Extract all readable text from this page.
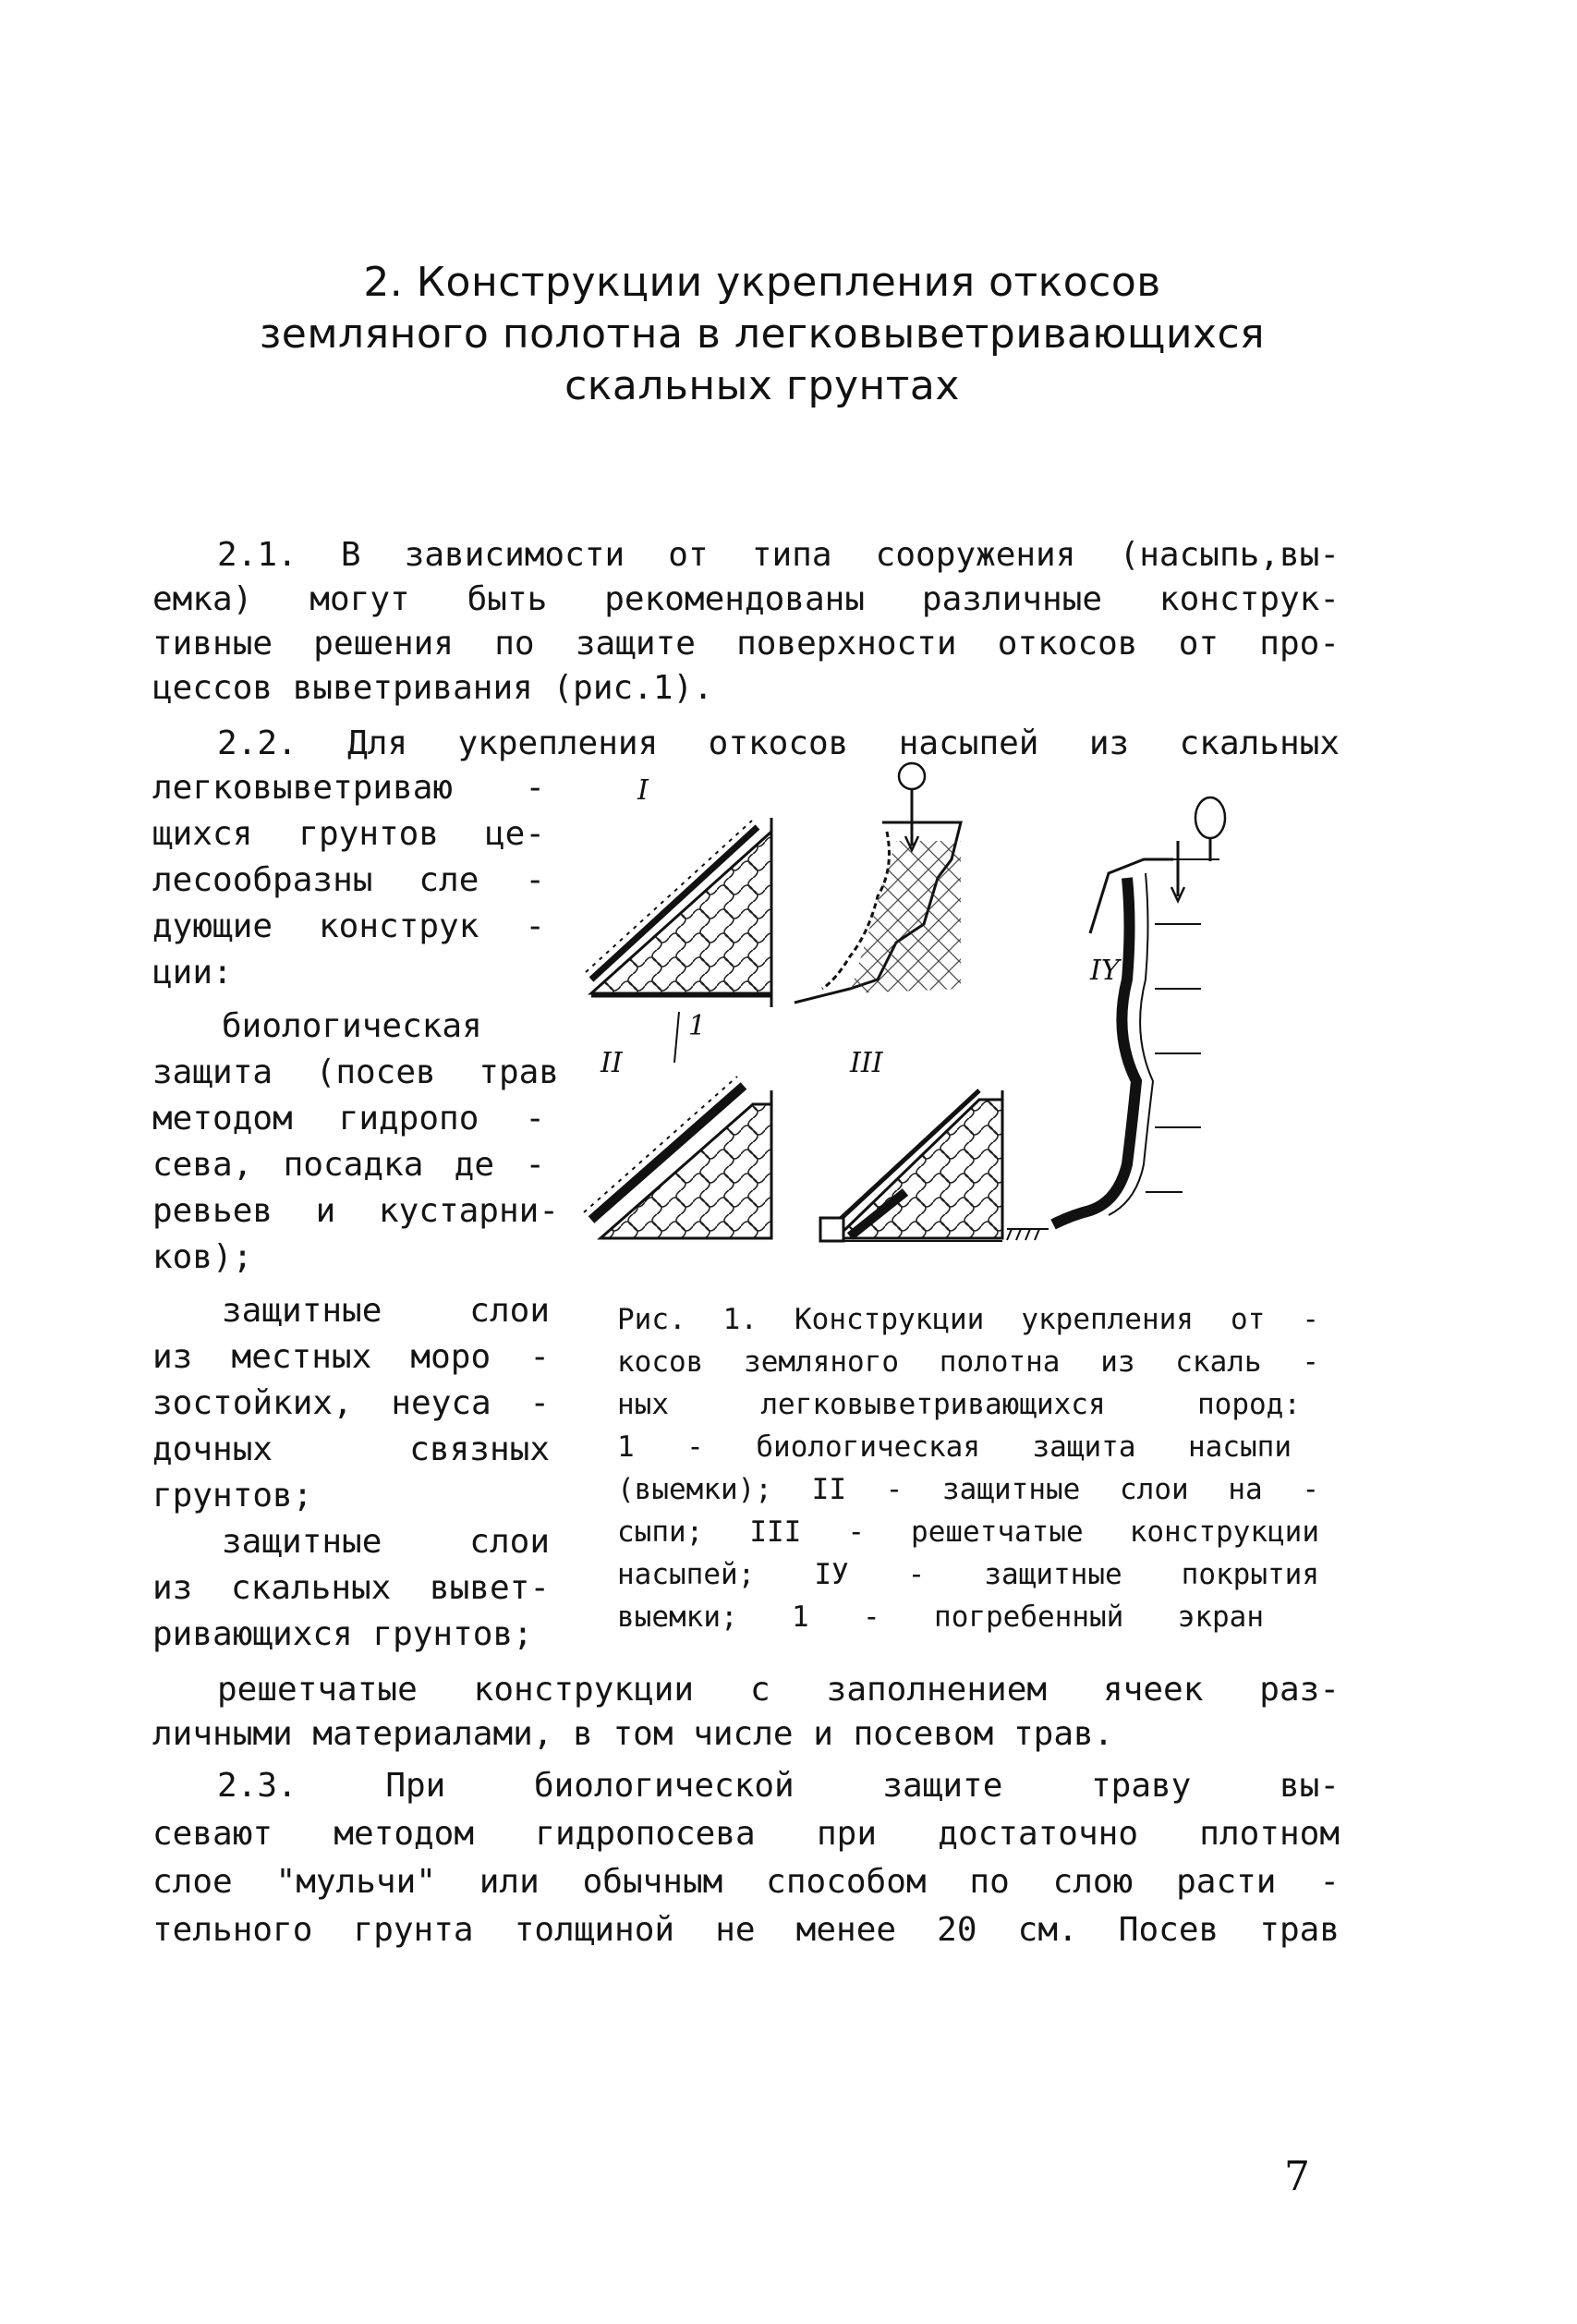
2. Конструкции укрепления откосов
земляного полотна в легковыветривающихся
скальных грунтах
2.1. В зависимости от типа сооружения (насыпь,вы-
емка) могут быть рекомендованы различные конструк-
тивные решения по защите поверхности откосов от про-
цессов выветривания (рис.1).
2.2. Для укрепления откосов насыпей из скальных
легковыветриваю -
щихся грунтов це-
лесообразны сле -
дующие конструк -
ции:
биологическая
защита (посев трав
методом гидропо -
сева, посадка де -
ревьев и кустарни-
ков);
защитные слои
из местных моро -
зостойких, неуса -
дочных связных
грунтов;
защитные слои
из скальных вывет-
ривающихся грунтов;
I
1
II	III
IY
Рис. 1. Конструкции укрепления от -
косов земляного полотна из скаль -
ных легковыветривающихся пород:
1 - биологическая защита насыпи
(выемки); II - защитные слои на -
сыпи; III - решетчатые конструкции
насыпей; IУ - защитные покрытия
выемки; 1 - погребенный экран
решетчатые конструкции с заполнением ячеек раз-
личными материалами, в том числе и посевом трав.
2.3. При биологической защите траву вы-
севают методом гидропосева при достаточно плотном
слое "мульчи" или обычным способом по слою расти -
тельного грунта толщиной не менее 20 см. Посев трав
7
